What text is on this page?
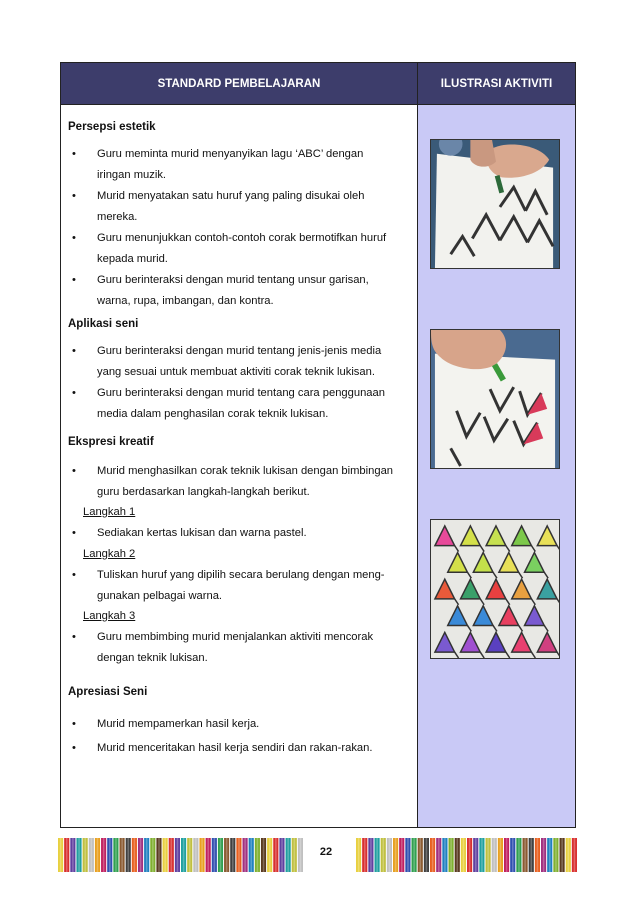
STANDARD PEMBELAJARAN	ILUSTRASI AKTIVITI
Persepsi estetik
•	Guru meminta murid menyanyikan lagu ‘ABC’ dengan
iringan muzik.
•	Murid menyatakan satu huruf yang paling disukai oleh
mereka.
•	Guru menunjukkan contoh-contoh corak bermotifkan huruf
kepada murid.
•	Guru berinteraksi dengan murid tentang unsur garisan,
warna, rupa, imbangan, dan kontra.
Aplikasi seni
•	Guru berinteraksi dengan murid tentang jenis-jenis media
yang sesuai untuk membuat aktiviti corak teknik lukisan.
•	Guru berinteraksi dengan murid tentang cara penggunaan
media dalam penghasilan corak teknik lukisan.
Ekspresi kreatif
•	Murid menghasilkan corak teknik lukisan dengan bimbingan
guru berdasarkan langkah-langkah berikut.
Langkah 1
•	Sediakan kertas lukisan dan warna pastel.
Langkah 2
•	Tuliskan huruf yang dipilih secara berulang dengan meng-
gunakan pelbagai warna.
Langkah 3
•	Guru membimbing murid menjalankan aktiviti mencorak
dengan teknik lukisan.
Apresiasi Seni
•	Murid mempamerkan hasil kerja.
•	Murid menceritakan hasil kerja sendiri dan rakan-rakan.
22
